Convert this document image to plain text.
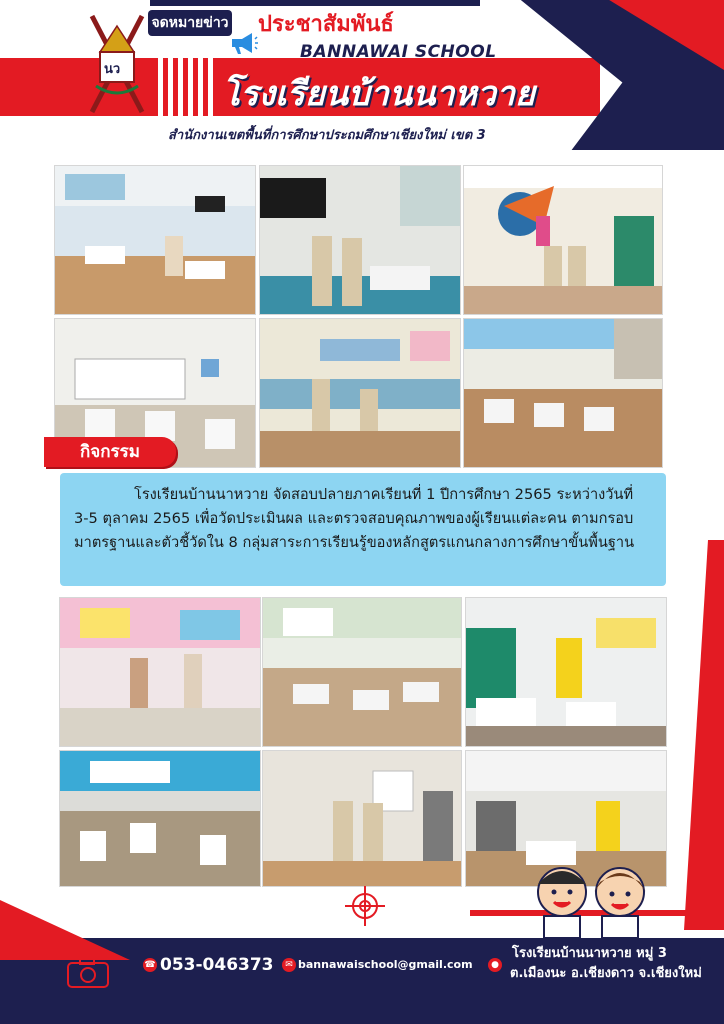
นว
จดหมายข่าว ประชาสัมพันธ์
BANNAWAI SCHOOL
โรงเรียนบ้านนาหวาย
สำนักงานเขตพื้นที่การศึกษาประถมศึกษาเชียงใหม่ เขต 3
กิจกรรม

โรงเรียนบ้านนาหวาย จัดสอบปลายภาคเรียนที่ 1 ปีการศึกษา 2565 ระหว่างวันที่ 3-5 ตุลาคม 2565 เพื่อวัดประเมินผล และตรวจสอบคุณภาพของผู้เรียนแต่ละคน ตามกรอบมาตรฐานและตัวชี้วัดใน 8 กลุ่มสาระการเรียนรู้ของหลักสูตรแกนกลางการศึกษาขั้นพื้นฐาน

☎ 053-046373	✉ bannawaischool@gmail.com	●
โรงเรียนบ้านนาหวาย หมู่ 3
ต.เมืองนะ อ.เชียงดาว จ.เชียงใหม่
